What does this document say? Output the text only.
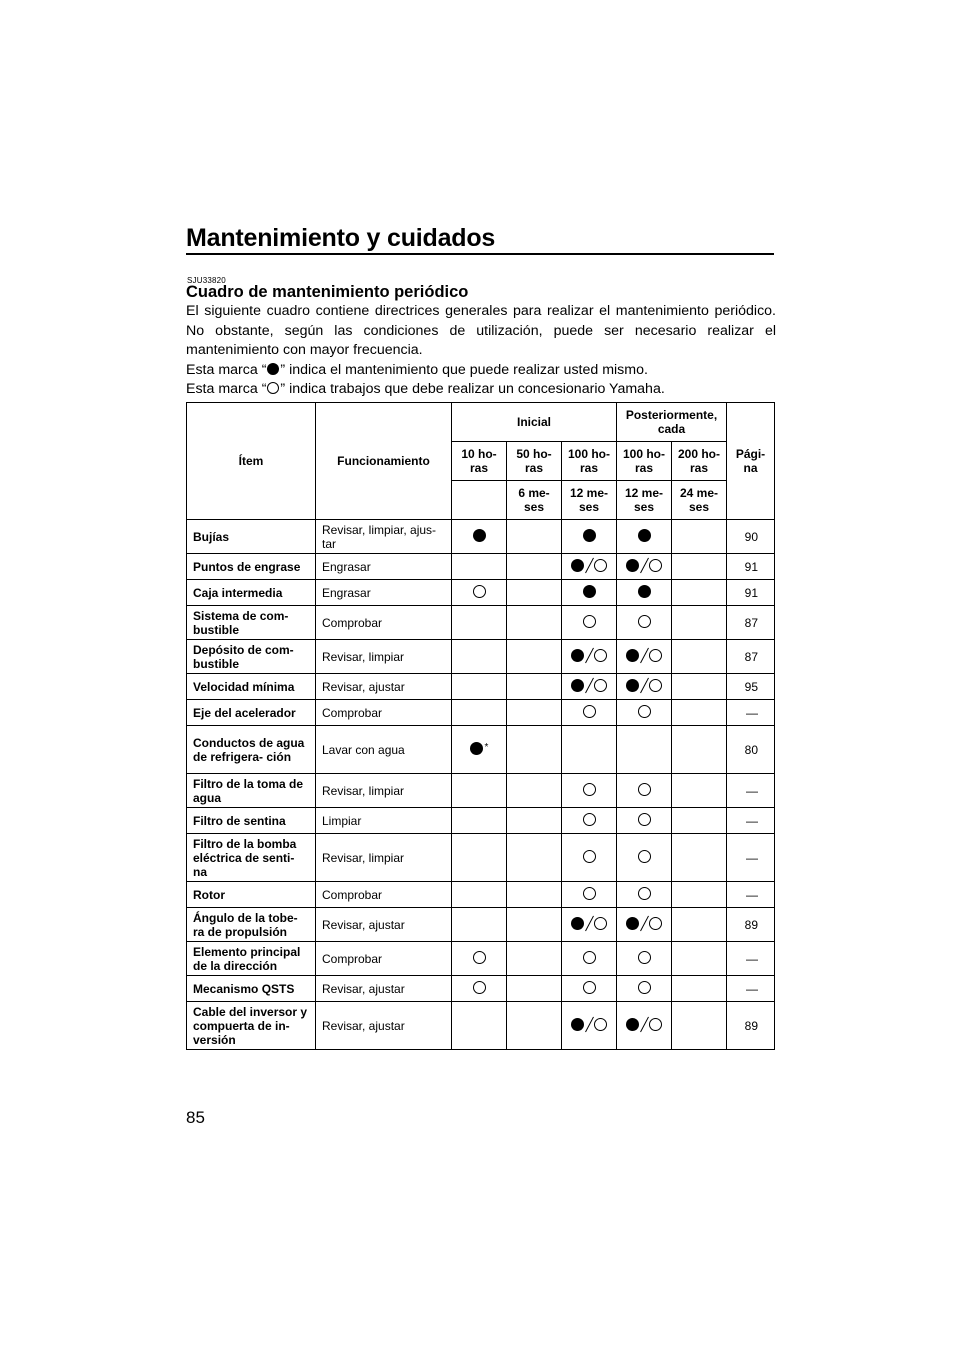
Mantenimiento y cuidados
SJU33820
Cuadro de mantenimiento periódico

El siguiente cuadro contiene directrices generales para realizar el mantenimiento periódico. No obstante, según las condiciones de utilización, puede ser necesario realizar el mantenimiento con mayor frecuencia.

Esta marca “ ” indica el mantenimiento que puede realizar usted mismo.

Esta marca “ ” indica trabajos que debe realizar un concesionario Yamaha.

Ítem	Funcionamiento	Inicial			Posteriormente, cada		Pági- na
		10 ho- ras	50 ho- ras	100 ho- ras	100 ho- ras	200 ho- ras	
			6 me- ses	12 me- ses	12 me- ses	24 me- ses	
Bujías	Revisar, limpiar, ajus- tar						90
Puntos de engrase	Engrasar						91
Caja intermedia	Engrasar						91
Sistema de com- bustible	Comprobar						87
Depósito de com- bustible	Revisar, limpiar						87
Velocidad mínima	Revisar, ajustar						95
Eje del acelerador	Comprobar						—
Conductos de agua de refrigera- ción	Lavar con agua	*					80
Filtro de la toma de agua	Revisar, limpiar						—
Filtro de sentina	Limpiar						—
Filtro de la bomba eléctrica de senti- na	Revisar, limpiar						—
Rotor	Comprobar						—
Ángulo de la tobe- ra de propulsión	Revisar, ajustar						89
Elemento principal de la dirección	Comprobar						—
Mecanismo QSTS	Revisar, ajustar						—
Cable del inversor y compuerta de in- versión	Revisar, ajustar						89
85
